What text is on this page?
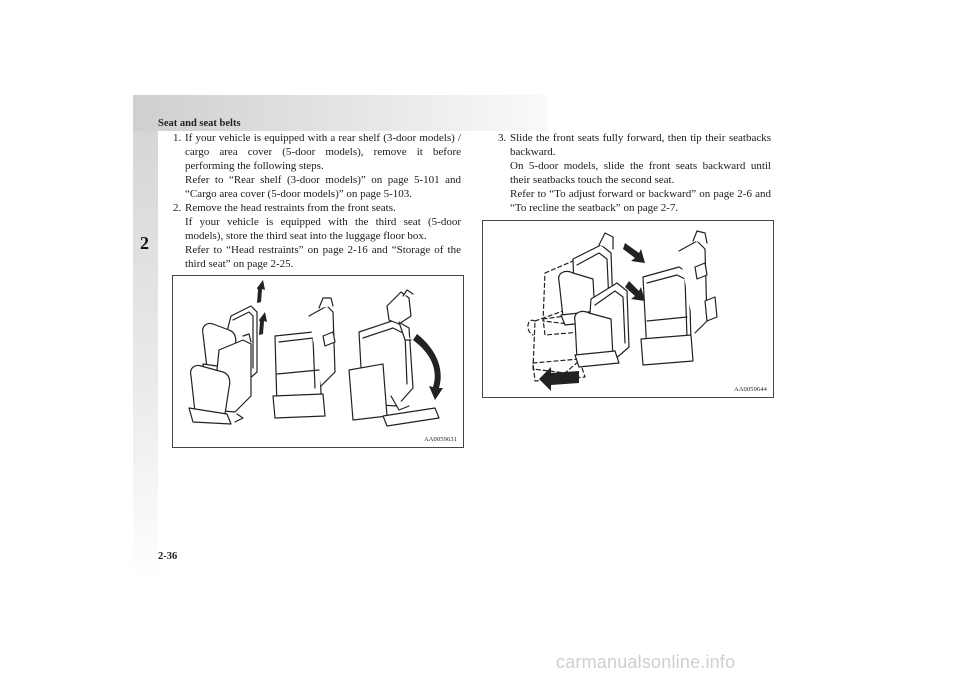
Seat and seat belts
2
1. If your vehicle is equipped with a rear shelf (3-door models) / cargo area cover (5-door models), remove it before performing the following steps.

Refer to “Rear shelf (3-door models)” on page 5-101 and “Cargo area cover (5-door models)” on page 5-103.

2. Remove the head restraints from the front seats.

If your vehicle is equipped with the third seat (5-door models), store the third seat into the luggage floor box.

Refer to “Head restraints” on page 2-16 and “Storage of the third seat” on page 2-25.

AA0059631
3. Slide the front seats fully forward, then tip their seatbacks backward.

On 5-door models, slide the front seats backward until their seatbacks touch the second seat.

Refer to “To adjust forward or backward” on page 2-6 and “To recline the seatback” on page 2-7.

AA0059644
2-36
carmanualsonline.info
